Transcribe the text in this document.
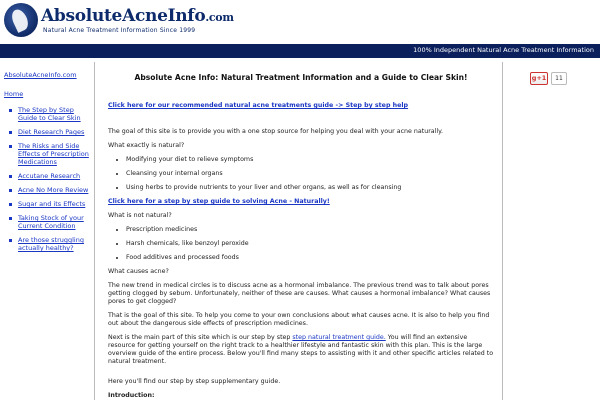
AbsoluteAcneInfo.com
Natural Acne Treatment Information Since 1999
100% Independent Natural Acne Treatment Information
AbsoluteAcneInfo.com Home
The Step by Step Guide to Clear Skin
Diet Research Pages
The Risks and Side Effects of Prescription Medications
Accutane Research
Acne No More Review
Sugar and its Effects
Taking Stock of your Current Condition
Are those struggling actually healthy?
Absolute Acne Info: Natural Treatment Information and a Guide to Clear Skin!
Click here for our recommended natural acne treatments guide -> Step by step help

The goal of this site is to provide you with a one stop source for helping you deal with your acne naturally.

What exactly is natural?

• Modifying your diet to relieve symptoms
• Cleansing your internal organs
• Using herbs to provide nutrients to your liver and other organs, as well as for cleansing
Click here for a step by step guide to solving Acne - Naturally!

What is not natural?

• Prescription medicines
• Harsh chemicals, like benzoyl peroxide
• Food additives and processed foods

What causes acne?

The new trend in medical circles is to discuss acne as a hormonal imbalance. The previous trend was to talk about pores getting clogged by sebum. Unfortunately, neither of these are causes. What causes a hormonal imbalance? What causes pores to get clogged?

That is the goal of this site. To help you come to your own conclusions about what causes acne. It is also to help you find out about the dangerous side effects of prescription medicines.

Next is the main part of this site which is our step by step step natural treatment guide. You will find an extensive resource for getting yourself on the right track to a healthier lifestyle and fantastic skin with this plan. This is the large overview guide of the entire process. Below you'll find many steps to assisting with it and other specific articles related to natural treatment.

Here you'll find our step by step supplementary guide.

Introduction:

g+1	11
